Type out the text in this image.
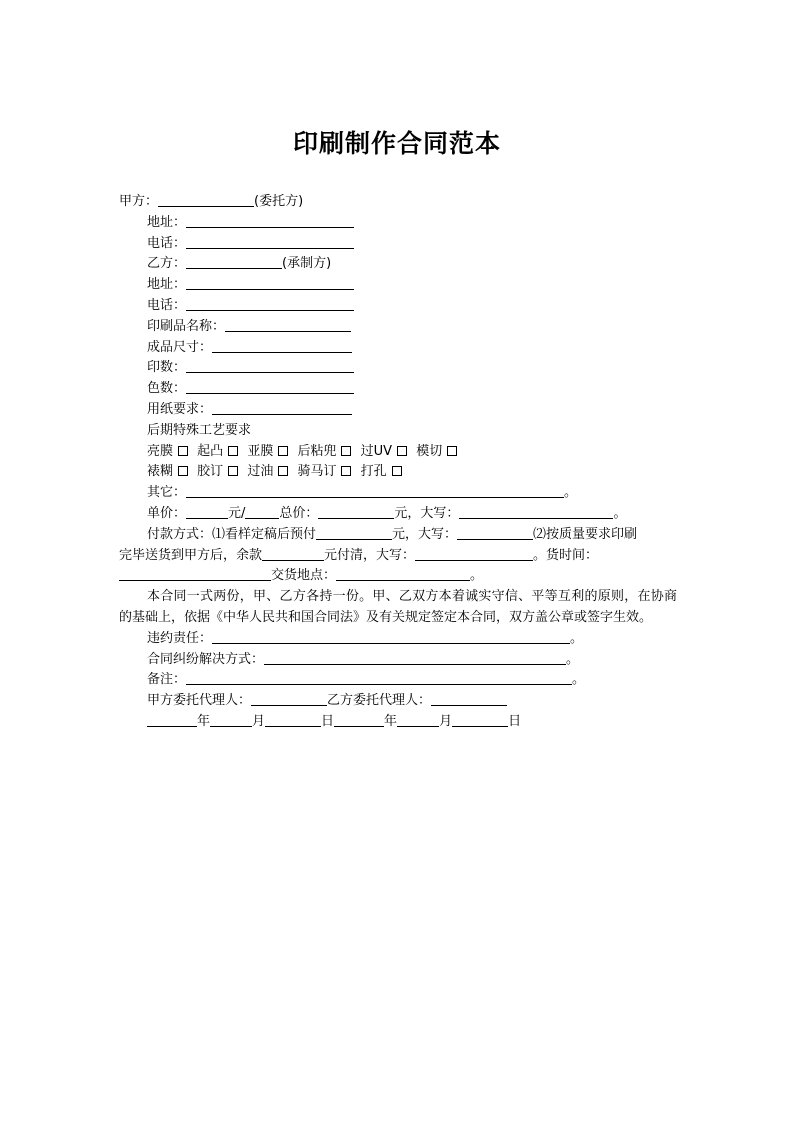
印刷制作合同范本
甲方：	(委托方)
地址：
电话：
乙方：	(承制方)
地址：
电话：
印刷品名称：
成品尺寸：
印数：
色数：
用纸要求：
后期特殊工艺要求
亮膜 起凸 亚膜 后粘兜 过UV 模切
裱糊 胶订 过油 骑马订 打孔
其它：	。
单价：	元/	总价：	元，大写：	。
付款方式：⑴看样定稿后预付	元，大写：	⑵按质量要求印刷
完毕送货到甲方后，余款	元付清，大写：	。货时间：
交货地点：	。
本合同一式两份，甲、乙方各持一份。甲、乙双方本着诚实守信、平等互利的原则，在协商的基础上，依据《中华人民共和国合同法》及有关规定签定本合同，双方盖公章或签字生效。
违约责任：	。
合同纠纷解决方式：	。
备注：	。
甲方委托代理人：	乙方委托代理人：
年	月	日	年	月	日
